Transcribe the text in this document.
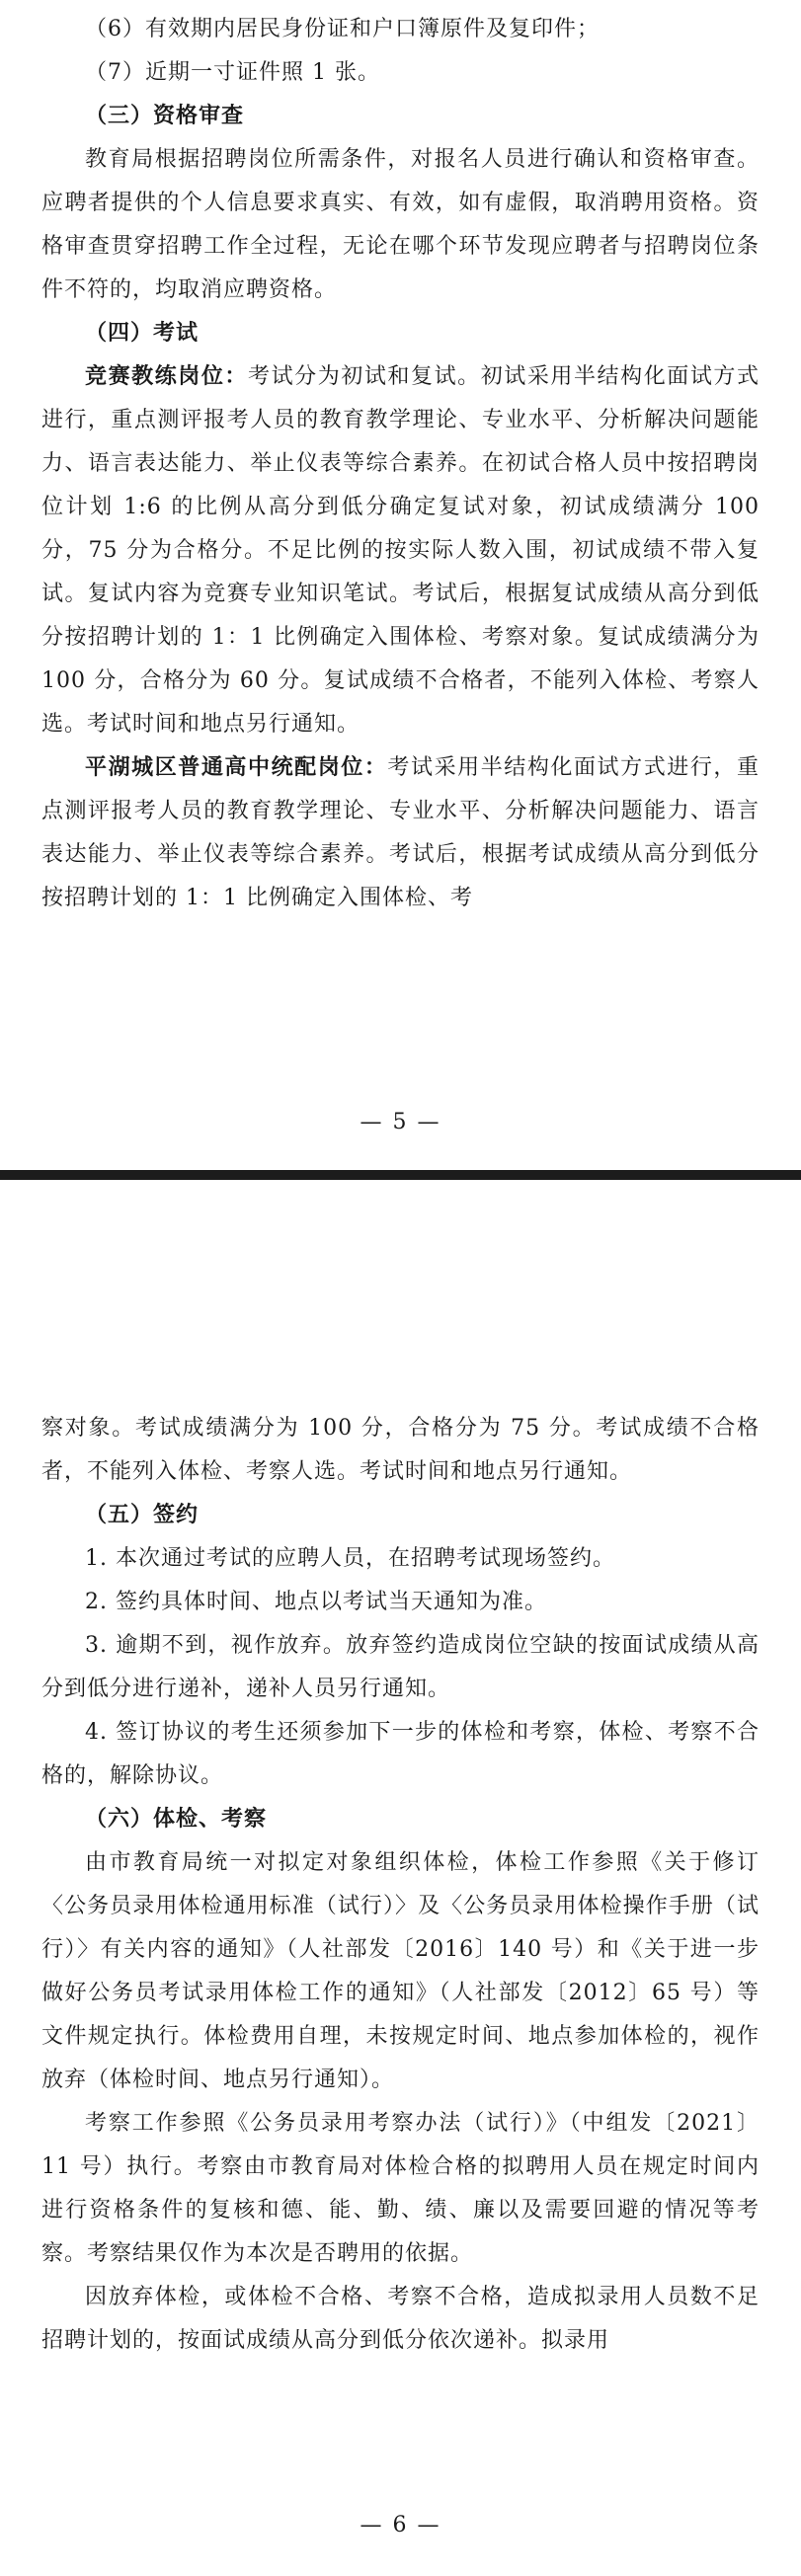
（6）有效期内居民身份证和户口簿原件及复印件；

（7）近期一寸证件照 1 张。

（三）资格审查

教育局根据招聘岗位所需条件，对报名人员进行确认和资格审查。应聘者提供的个人信息要求真实、有效，如有虚假，取消聘用资格。资格审查贯穿招聘工作全过程，无论在哪个环节发现应聘者与招聘岗位条件不符的，均取消应聘资格。

（四）考试

竞赛教练岗位：考试分为初试和复试。初试采用半结构化面试方式进行，重点测评报考人员的教育教学理论、专业水平、分析解决问题能力、语言表达能力、举止仪表等综合素养。在初试合格人员中按招聘岗位计划 1:6 的比例从高分到低分确定复试对象，初试成绩满分 100 分，75 分为合格分。不足比例的按实际人数入围，初试成绩不带入复试。复试内容为竞赛专业知识笔试。考试后，根据复试成绩从高分到低分按招聘计划的 1：1 比例确定入围体检、考察对象。复试成绩满分为 100 分，合格分为 60 分。复试成绩不合格者，不能列入体检、考察人选。考试时间和地点另行通知。

平湖城区普通高中统配岗位：考试采用半结构化面试方式进行，重点测评报考人员的教育教学理论、专业水平、分析解决问题能力、语言表达能力、举止仪表等综合素养。考试后，根据考试成绩从高分到低分按招聘计划的 1：1 比例确定入围体检、考

— 5 —

察对象。考试成绩满分为 100 分，合格分为 75 分。考试成绩不合格者，不能列入体检、考察人选。考试时间和地点另行通知。

（五）签约

1. 本次通过考试的应聘人员，在招聘考试现场签约。

2. 签约具体时间、地点以考试当天通知为准。

3. 逾期不到，视作放弃。放弃签约造成岗位空缺的按面试成绩从高分到低分进行递补，递补人员另行通知。

4. 签订协议的考生还须参加下一步的体检和考察，体检、考察不合格的，解除协议。

（六）体检、考察

由市教育局统一对拟定对象组织体检，体检工作参照《关于修订〈公务员录用体检通用标准（试行）〉及〈公务员录用体检操作手册（试行）〉有关内容的通知》（人社部发〔2016〕140 号）和《关于进一步做好公务员考试录用体检工作的通知》（人社部发〔2012〕65 号）等文件规定执行。体检费用自理，未按规定时间、地点参加体检的，视作放弃（体检时间、地点另行通知）。

考察工作参照《公务员录用考察办法（试行）》（中组发〔2021〕11 号）执行。考察由市教育局对体检合格的拟聘用人员在规定时间内进行资格条件的复核和德、能、勤、绩、廉以及需要回避的情况等考察。考察结果仅作为本次是否聘用的依据。

因放弃体检，或体检不合格、考察不合格，造成拟录用人员数不足招聘计划的，按面试成绩从高分到低分依次递补。拟录用

— 6 —
